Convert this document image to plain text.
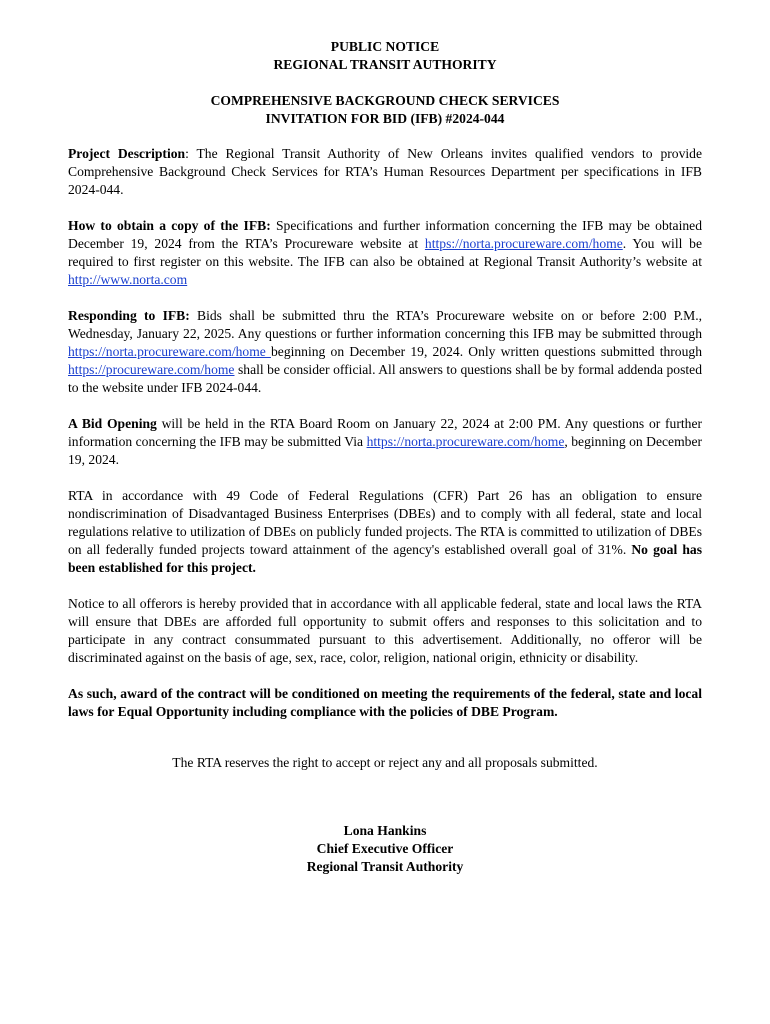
PUBLIC NOTICE

REGIONAL TRANSIT AUTHORITY

COMPREHENSIVE BACKGROUND CHECK SERVICES

INVITATION FOR BID (IFB) #2024-044

Project Description: The Regional Transit Authority of New Orleans invites qualified vendors to provide Comprehensive Background Check Services for RTA’s Human Resources Department per specifications in IFB 2024-044.

How to obtain a copy of the IFB: Specifications and further information concerning the IFB may be obtained December 19, 2024 from the RTA’s Procureware website at https://norta.procureware.com/home. You will be required to first register on this website. The IFB can also be obtained at Regional Transit Authority’s website at http://www.norta.com

Responding to IFB: Bids shall be submitted thru the RTA’s Procureware website on or before 2:00 P.M., Wednesday, January 22, 2025. Any questions or further information concerning this IFB may be submitted through https://norta.procureware.com/home beginning on December 19, 2024. Only written questions submitted through https://procureware.com/home shall be consider official. All answers to questions shall be by formal addenda posted to the website under IFB 2024-044.

A Bid Opening will be held in the RTA Board Room on January 22, 2024 at 2:00 PM. Any questions or further information concerning the IFB may be submitted Via https://norta.procureware.com/home, beginning on December 19, 2024.

RTA in accordance with 49 Code of Federal Regulations (CFR) Part 26 has an obligation to ensure nondiscrimination of Disadvantaged Business Enterprises (DBEs) and to comply with all federal, state and local regulations relative to utilization of DBEs on publicly funded projects. The RTA is committed to utilization of DBEs on all federally funded projects toward attainment of the agency's established overall goal of 31%. No goal has been established for this project.

Notice to all offerors is hereby provided that in accordance with all applicable federal, state and local laws the RTA will ensure that DBEs are afforded full opportunity to submit offers and responses to this solicitation and to participate in any contract consummated pursuant to this advertisement. Additionally, no offeror will be discriminated against on the basis of age, sex, race, color, religion, national origin, ethnicity or disability.

As such, award of the contract will be conditioned on meeting the requirements of the federal, state and local laws for Equal Opportunity including compliance with the policies of DBE Program.

The RTA reserves the right to accept or reject any and all proposals submitted.

Lona Hankins
Chief Executive Officer
Regional Transit Authority
